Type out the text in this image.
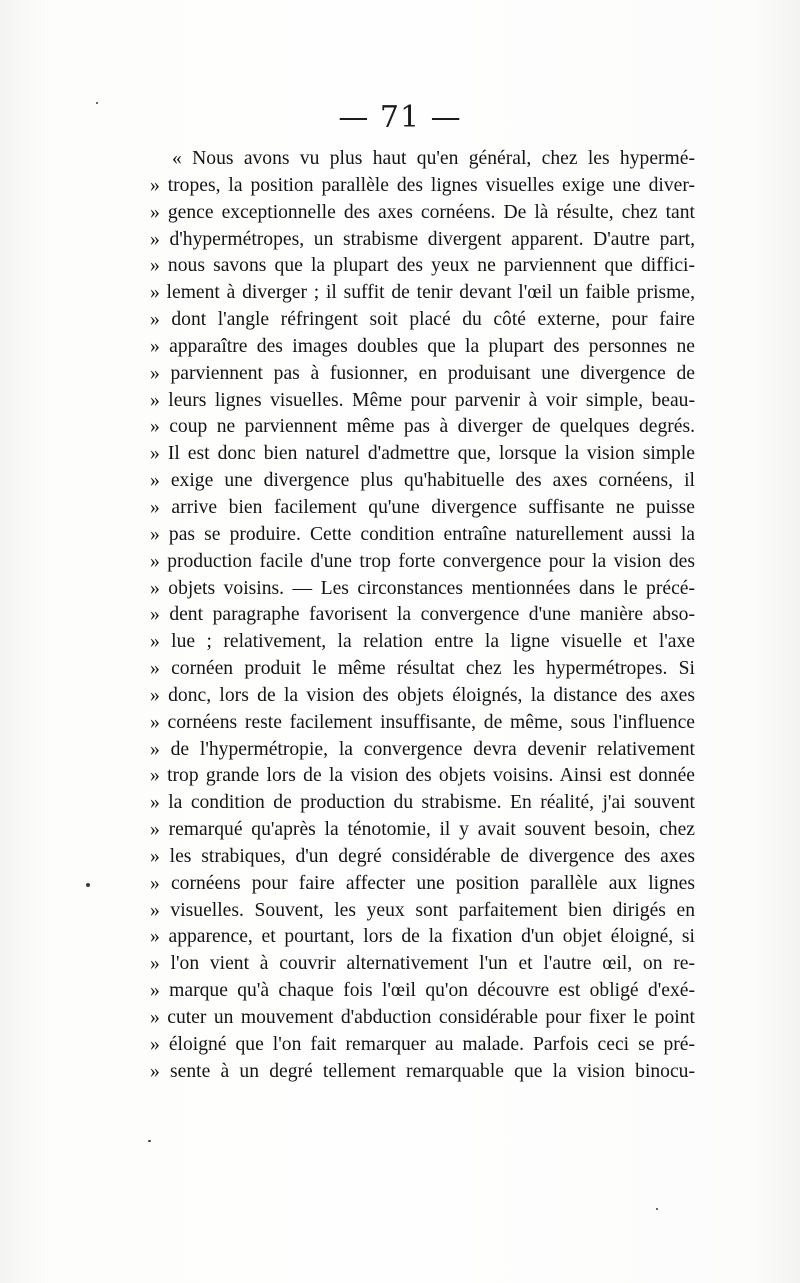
— 71 —
« Nous avons vu plus haut qu'en général, chez les hypermé-
» tropes, la position parallèle des lignes visuelles exige une diver-
» gence exceptionnelle des axes cornéens. De là résulte, chez tant
» d'hypermétropes, un strabisme divergent apparent. D'autre part,
» nous savons que la plupart des yeux ne parviennent que diffici-
» lement à diverger ; il suffit de tenir devant l'œil un faible prisme,
» dont l'angle réfringent soit placé du côté externe, pour faire
» apparaître des images doubles que la plupart des personnes ne
» parviennent pas à fusionner, en produisant une divergence de
» leurs lignes visuelles. Même pour parvenir à voir simple, beau-
» coup ne parviennent même pas à diverger de quelques degrés.
» Il est donc bien naturel d'admettre que, lorsque la vision simple
» exige une divergence plus qu'habituelle des axes cornéens, il
» arrive bien facilement qu'une divergence suffisante ne puisse
» pas se produire. Cette condition entraîne naturellement aussi la
» production facile d'une trop forte convergence pour la vision des
» objets voisins. — Les circonstances mentionnées dans le précé-
» dent paragraphe favorisent la convergence d'une manière abso-
» lue ; relativement, la relation entre la ligne visuelle et l'axe
» cornéen produit le même résultat chez les hypermétropes. Si
» donc, lors de la vision des objets éloignés, la distance des axes
» cornéens reste facilement insuffisante, de même, sous l'influence
» de l'hypermétropie, la convergence devra devenir relativement
» trop grande lors de la vision des objets voisins. Ainsi est donnée
» la condition de production du strabisme. En réalité, j'ai souvent
» remarqué qu'après la ténotomie, il y avait souvent besoin, chez
» les strabiques, d'un degré considérable de divergence des axes
» cornéens pour faire affecter une position parallèle aux lignes
» visuelles. Souvent, les yeux sont parfaitement bien dirigés en
» apparence, et pourtant, lors de la fixation d'un objet éloigné, si
» l'on vient à couvrir alternativement l'un et l'autre œil, on re-
» marque qu'à chaque fois l'œil qu'on découvre est obligé d'exé-
» cuter un mouvement d'abduction considérable pour fixer le point
» éloigné que l'on fait remarquer au malade. Parfois ceci se pré-
» sente à un degré tellement remarquable que la vision binocu-
